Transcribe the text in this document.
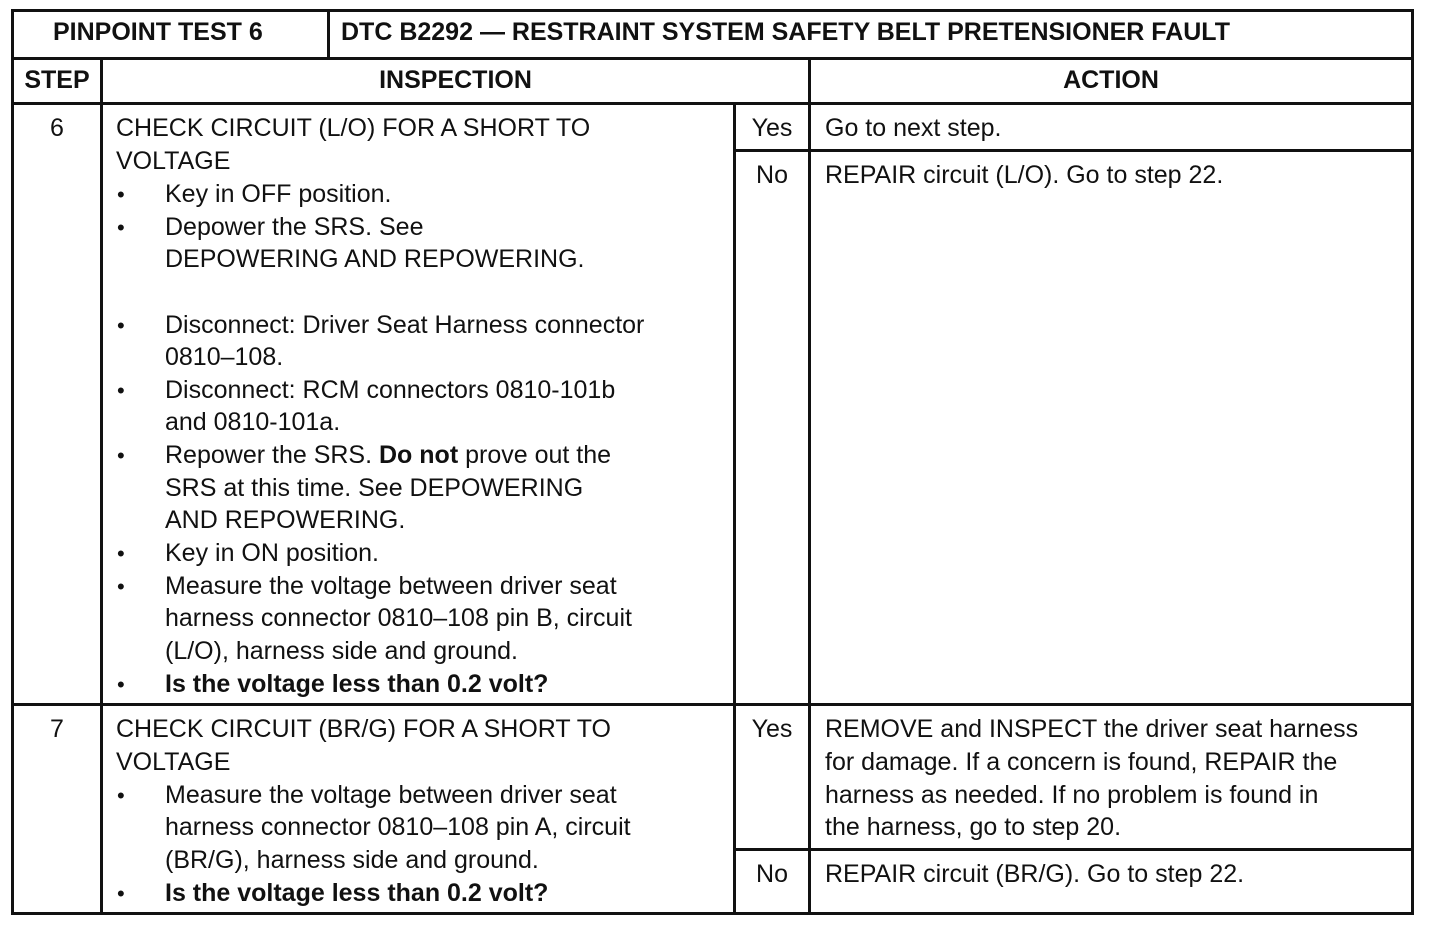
PINPOINT TEST 6	DTC B2292 — RESTRAINT SYSTEM SAFETY BELT PRETENSIONER FAULT
STEP	INSPECTION	ACTION
6	CHECK CIRCUIT (L/O) FOR A SHORT TO
VOLTAGE
• Key in OFF position.
• Depower the SRS. See
DEPOWERING AND REPOWERING.
• Disconnect: Driver Seat Harness connector
0810–108.
• Disconnect: RCM connectors 0810-101b
and 0810-101a.
• Repower the SRS. Do not prove out the
SRS at this time. See DEPOWERING
AND REPOWERING.
• Key in ON position.
• Measure the voltage between driver seat
harness connector 0810–108 pin B, circuit
(L/O), harness side and ground.
• Is the voltage less than 0.2 volt?
Yes	Go to next step.
No	REPAIR circuit (L/O). Go to step 22.
7	CHECK CIRCUIT (BR/G) FOR A SHORT TO
VOLTAGE
• Measure the voltage between driver seat
harness connector 0810–108 pin A, circuit
(BR/G), harness side and ground.
• Is the voltage less than 0.2 volt?
Yes	REMOVE and INSPECT the driver seat harness
for damage. If a concern is found, REPAIR the
harness as needed. If no problem is found in
the harness, go to step 20.
No	REPAIR circuit (BR/G). Go to step 22.
